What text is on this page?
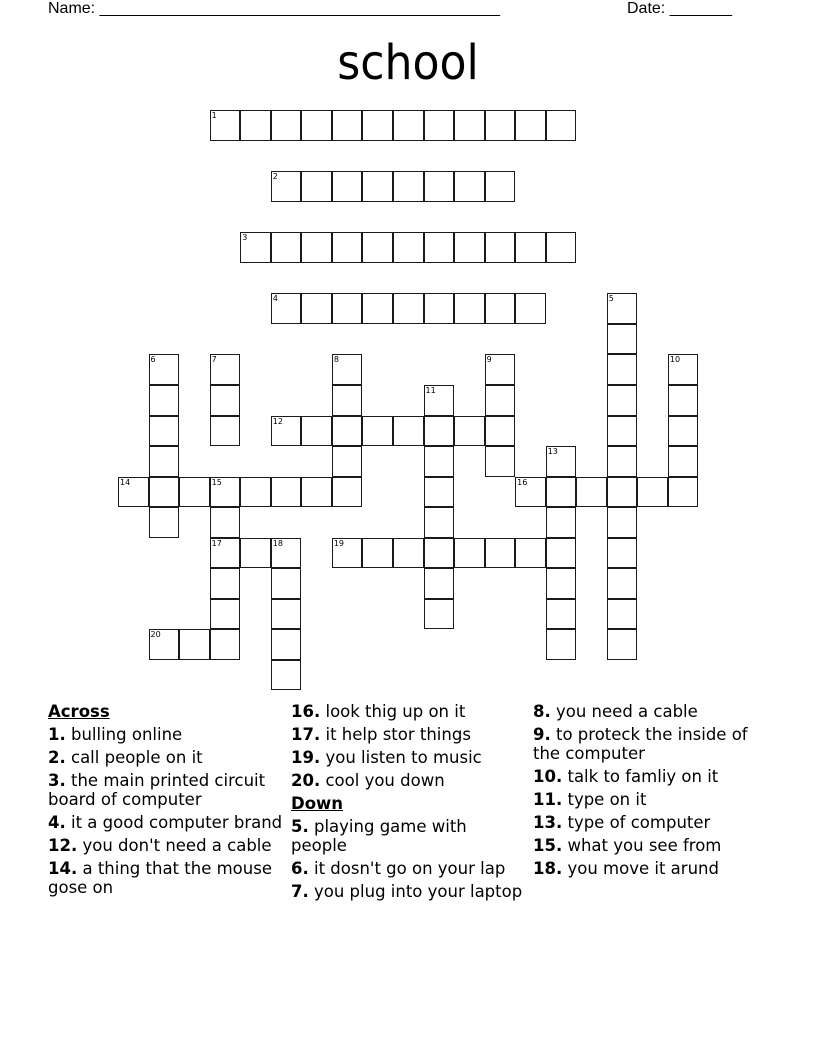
Name: _____________________________________________	Date: _______
school
1
2
3
4	5
6	7	8	9	10
11
12
13
14	15
17
16
18	19
20
Across
1. bulling online
2. call people on it
3. the main printed circuit board of computer
4. it a good computer brand
12. you don't need a cable
14. a thing that the mouse gose on
16. look thig up on it
17. it help stor things
19. you listen to music
20. cool you down
Down
5. playing game with people
6. it dosn't go on your lap
7. you plug into your laptop
8. you need a cable
9. to proteck the inside of the computer
10. talk to famliy on it
11. type on it
13. type of computer
15. what you see from
18. you move it arund
